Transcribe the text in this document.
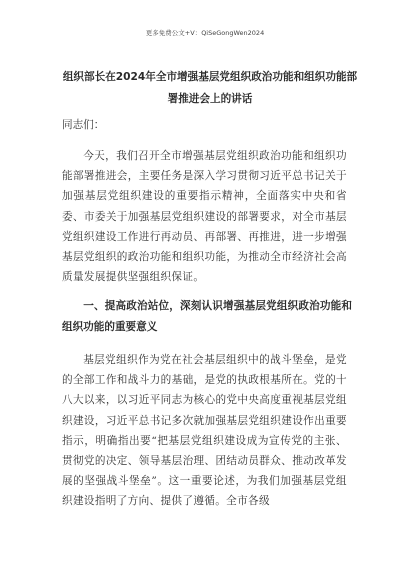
更多免费公文+V：QiSeGongWen2024
组织部长在2024年全市增强基层党组织政治功能和组织功能部署推进会上的讲话
同志们：
今天，我们召开全市增强基层党组织政治功能和组织功能部署推进会，主要任务是深入学习贯彻习近平总书记关于加强基层党组织建设的重要指示精神，全面落实中央和省委、市委关于加强基层党组织建设的部署要求，对全市基层党组织建设工作进行再动员、再部署、再推进，进一步增强基层党组织的政治功能和组织功能，为推动全市经济社会高质量发展提供坚强组织保证。
一、提高政治站位，深刻认识增强基层党组织政治功能和组织功能的重要意义
基层党组织作为党在社会基层组织中的战斗堡垒，是党的全部工作和战斗力的基础，是党的执政根基所在。党的十八大以来，以习近平同志为核心的党中央高度重视基层党组织建设，习近平总书记多次就加强基层党组织建设作出重要指示，明确指出要“把基层党组织建设成为宣传党的主张、贯彻党的决定、领导基层治理、团结动员群众、推动改革发展的坚强战斗堡垒”。这一重要论述，为我们加强基层党组织建设指明了方向、提供了遵循。全市各级
